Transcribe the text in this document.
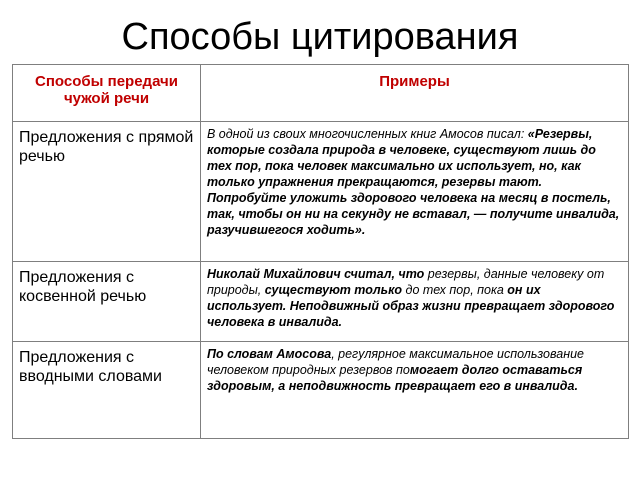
Способы цитирования
Способы передачи чужой речи	Примеры
Предложения с прямой речью	В одной из своих многочисленных книг Амосов писал: «Резервы, которые создала природа в человеке, существуют лишь до тех пор, пока человек максимально их использует, но, как только упражнения прекращаются, резервы тают. Попробуйте уложить здорового человека на месяц в постель, так, чтобы он ни на секунду не вставал, — получите инвалида, разучившегося ходить».
Предложения с косвенной речью	Николай Михайлович считал, что резервы, данные человеку от природы, существуют только до тех пор, пока он их использует. Неподвижный образ жизни превращает здорового человека в инвалида.
Предложения с вводными словами	По словам Амосова, регулярное максимальное использование человеком природных резервов помогает долго оставаться здоровым, а неподвижность превращает его в инвалида.
